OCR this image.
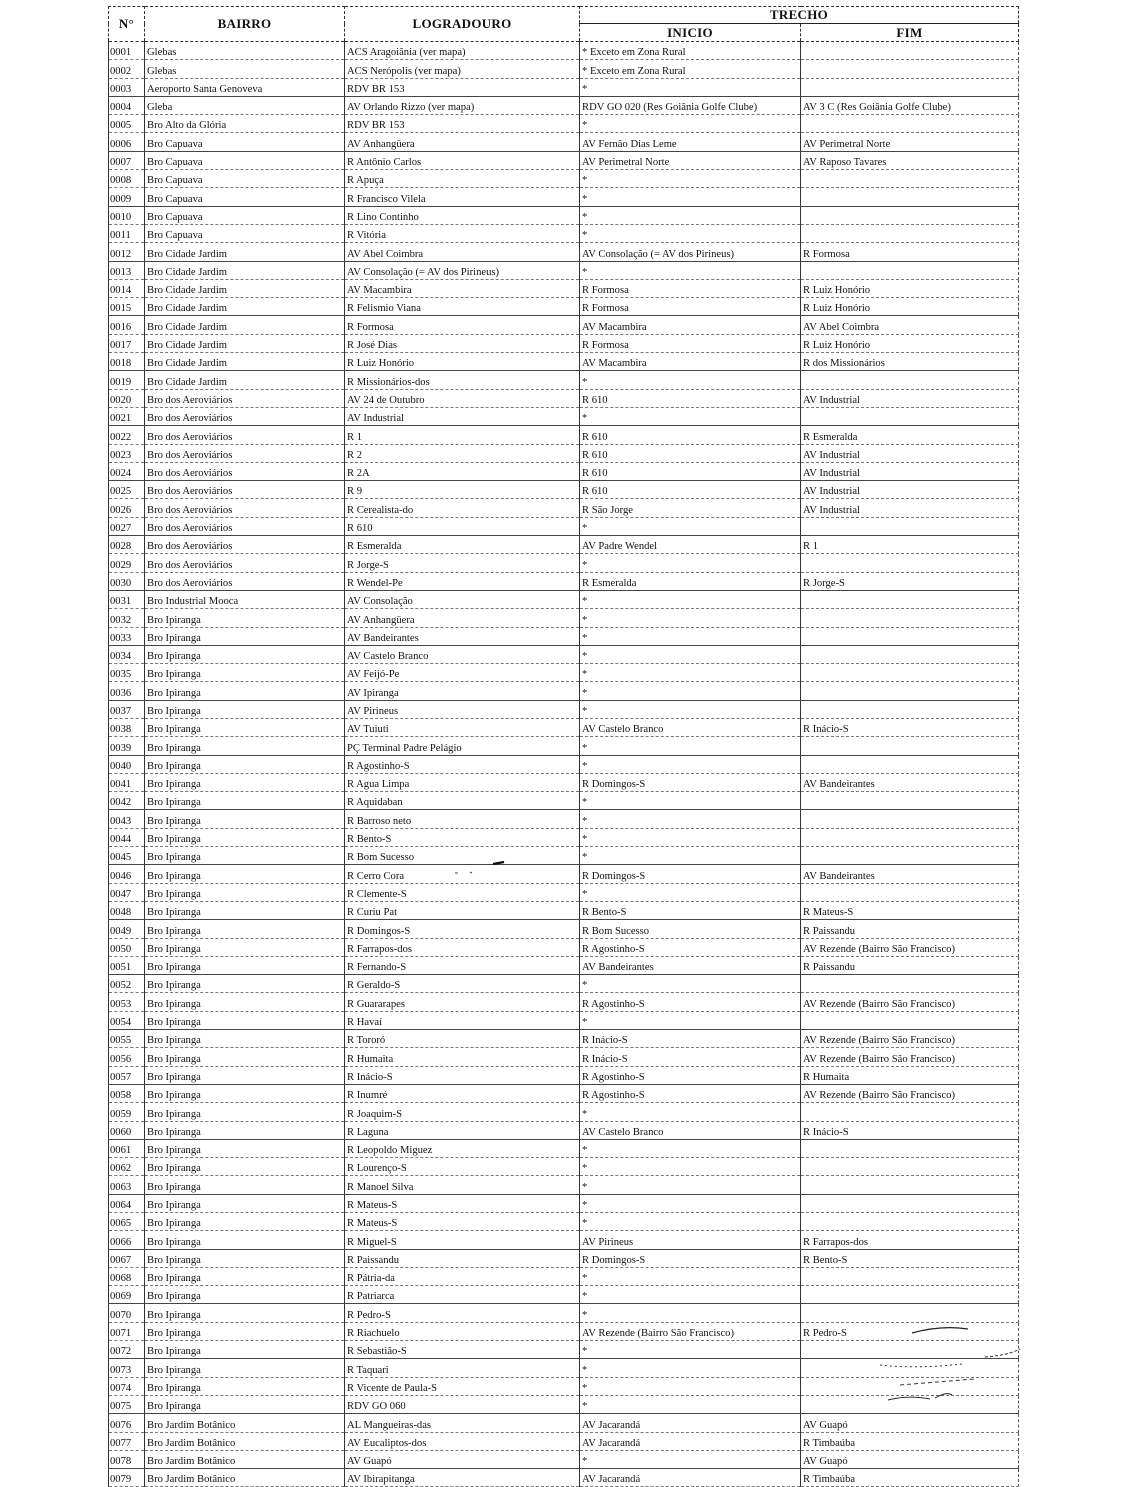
N°	BAIRRO	LOGRADOURO	TRECHO	
			INICIO	FIM
0001	Glebas	ACS Aragoiânia (ver mapa)	* Exceto em Zona Rural	
0002	Glebas	ACS Nerópolis (ver mapa)	* Exceto em Zona Rural	
0003	Aeroporto Santa Genoveva	RDV BR 153	*	
0004	Gleba	AV Orlando Rizzo (ver mapa)	RDV GO 020 (Res Goiânia Golfe Clube)	AV 3 C (Res Goiânia Golfe Clube)
0005	Bro Alto da Glória	RDV BR 153	*	
0006	Bro Capuava	AV Anhangüera	AV Fernão Dias Leme	AV Perimetral Norte
0007	Bro Capuava	R Antônio Carlos	AV Perimetral Norte	AV Raposo Tavares
0008	Bro Capuava	R Apuça	*	
0009	Bro Capuava	R Francisco Vilela	*	
0010	Bro Capuava	R Lino Continho	*	
0011	Bro Capuava	R Vitória	*	
0012	Bro Cidade Jardim	AV Abel Coimbra	AV Consolação (= AV dos Pirineus)	R Formosa
0013	Bro Cidade Jardim	AV Consolação (= AV dos Pirineus)	*	
0014	Bro Cidade Jardim	AV Macambira	R Formosa	R Luiz Honório
0015	Bro Cidade Jardim	R Felismio Viana	R Formosa	R Luiz Honório
0016	Bro Cidade Jardim	R Formosa	AV Macambira	AV Abel Coimbra
0017	Bro Cidade Jardim	R José Dias	R Formosa	R Luiz Honório
0018	Bro Cidade Jardim	R Luiz Honório	AV Macambira	R dos Missionários
0019	Bro Cidade Jardim	R Missionários-dos	*	
0020	Bro dos Aeroviários	AV 24 de Outubro	R 610	AV Industrial
0021	Bro dos Aeroviários	AV Industrial	*	
0022	Bro dos Aeroviários	R 1	R 610	R Esmeralda
0023	Bro dos Aeroviários	R 2	R 610	AV Industrial
0024	Bro dos Aeroviários	R 2A	R 610	AV Industrial
0025	Bro dos Aeroviários	R 9	R 610	AV Industrial
0026	Bro dos Aeroviários	R Cerealista-do	R São Jorge	AV Industrial
0027	Bro dos Aeroviários	R 610	*	
0028	Bro dos Aeroviários	R Esmeralda	AV Padre Wendel	R 1
0029	Bro dos Aeroviários	R Jorge-S	*	
0030	Bro dos Aeroviários	R Wendel-Pe	R Esmeralda	R Jorge-S
0031	Bro Industrial Mooca	AV Consolação	*	
0032	Bro Ipiranga	AV Anhangüera	*	
0033	Bro Ipiranga	AV Bandeirantes	*	
0034	Bro Ipiranga	AV Castelo Branco	*	
0035	Bro Ipiranga	AV Feijó-Pe	*	
0036	Bro Ipiranga	AV Ipiranga	*	
0037	Bro Ipiranga	AV Pirineus	*	
0038	Bro Ipiranga	AV Tuiuti	AV Castelo Branco	R Inácio-S
0039	Bro Ipiranga	PÇ Terminal Padre Pelágio	*	
0040	Bro Ipiranga	R Agostinho-S	*	
0041	Bro Ipiranga	R Agua Limpa	R Domingos-S	AV Bandeirantes
0042	Bro Ipiranga	R Aquidaban	*	
0043	Bro Ipiranga	R Barroso neto	*	
0044	Bro Ipiranga	R Bento-S	*	
0045	Bro Ipiranga	R Bom Sucesso	*	
0046	Bro Ipiranga	R Cerro Cora	R Domingos-S	AV Bandeirantes
0047	Bro Ipiranga	R Clemente-S	*	
0048	Bro Ipiranga	R Curiu Pat	R Bento-S	R Mateus-S
0049	Bro Ipiranga	R Domingos-S	R Bom Sucesso	R Paissandu
0050	Bro Ipiranga	R Farrapos-dos	R Agostinho-S	AV Rezende (Bairro São Francisco)
0051	Bro Ipiranga	R Fernando-S	AV Bandeirantes	R Paissandu
0052	Bro Ipiranga	R Geraldo-S	*	
0053	Bro Ipiranga	R Guararapes	R Agostinho-S	AV Rezende (Bairro São Francisco)
0054	Bro Ipiranga	R Havaí	*	
0055	Bro Ipiranga	R Tororó	R Inácio-S	AV Rezende (Bairro São Francisco)
0056	Bro Ipiranga	R Humaita	R Inácio-S	AV Rezende (Bairro São Francisco)
0057	Bro Ipiranga	R Inácio-S	R Agostinho-S	R Humaita
0058	Bro Ipiranga	R Inumré	R Agostinho-S	AV Rezende (Bairro São Francisco)
0059	Bro Ipiranga	R Joaquim-S	*	
0060	Bro Ipiranga	R Laguna	AV Castelo Branco	R Inácio-S
0061	Bro Ipiranga	R Leopoldo Miguez	*	
0062	Bro Ipiranga	R Lourenço-S	*	
0063	Bro Ipiranga	R Manoel Silva	*	
0064	Bro Ipiranga	R Mateus-S	*	
0065	Bro Ipiranga	R Mateus-S	*	
0066	Bro Ipiranga	R Miguel-S	AV Pirineus	R Farrapos-dos
0067	Bro Ipiranga	R Paissandu	R Domingos-S	R Bento-S
0068	Bro Ipiranga	R Pátria-da	*	
0069	Bro Ipiranga	R Patriarca	*	
0070	Bro Ipiranga	R Pedro-S	*	
0071	Bro Ipiranga	R Riachuelo	AV Rezende (Bairro São Francisco)	R Pedro-S
0072	Bro Ipiranga	R Sebastião-S	*	
0073	Bro Ipiranga	R Taquari	*	
0074	Bro Ipiranga	R Vicente de Paula-S	*	
0075	Bro Ipiranga	RDV GO 060	*	
0076	Bro Jardim Botânico	AL Mangueiras-das	AV Jacarandá	AV Guapó
0077	Bro Jardim Botânico	AV Eucaliptos-dos	AV Jacarandá	R Timbaúba
0078	Bro Jardim Botânico	AV Guapó	*	AV Guapó
0079	Bro Jardim Botânico	AV Ibirapitanga	AV Jacarandá	R Timbaúba
